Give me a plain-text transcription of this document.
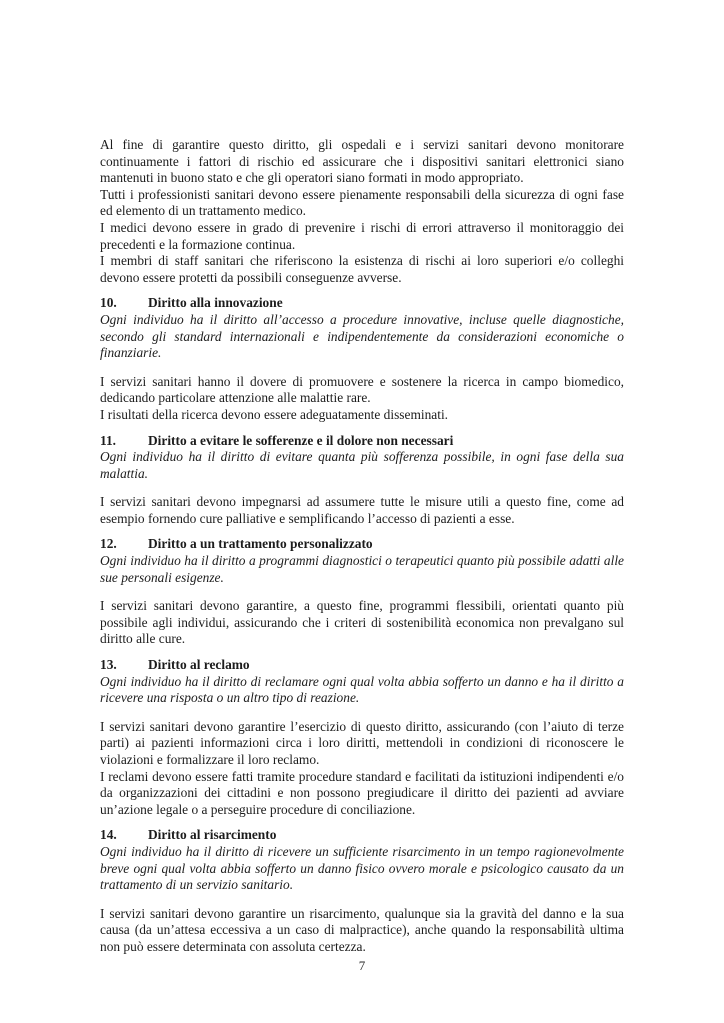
Al fine di garantire questo diritto, gli ospedali e i servizi sanitari devono monitorare continuamente i fattori di rischio ed assicurare che i dispositivi sanitari elettronici siano mantenuti in buono stato e che gli operatori siano formati in modo appropriato.

Tutti i professionisti sanitari devono essere pienamente responsabili della sicurezza di ogni fase ed elemento di un trattamento medico.

I medici devono essere in grado di prevenire i rischi di errori attraverso il monitoraggio dei precedenti e la formazione continua.

I membri di staff sanitari che riferiscono la esistenza di rischi ai loro superiori e/o colleghi devono essere protetti da possibili conseguenze avverse.

10. Diritto alla innovazione

Ogni individuo ha il diritto all’accesso a procedure innovative, incluse quelle diagnostiche, secondo gli standard internazionali e indipendentemente da considerazioni economiche o finanziarie.

I servizi sanitari hanno il dovere di promuovere e sostenere la ricerca in campo biomedico, dedicando particolare attenzione alle malattie rare.

I risultati della ricerca devono essere adeguatamente disseminati.

11. Diritto a evitare le sofferenze e il dolore non necessari

Ogni individuo ha il diritto di evitare quanta più sofferenza possibile, in ogni fase della sua malattia.

I servizi sanitari devono impegnarsi ad assumere tutte le misure utili a questo fine, come ad esempio fornendo cure palliative e semplificando l’accesso di pazienti a esse.

12. Diritto a un trattamento personalizzato

Ogni individuo ha il diritto a programmi diagnostici o terapeutici quanto più possibile adatti alle sue personali esigenze.

I servizi sanitari devono garantire, a questo fine, programmi flessibili, orientati quanto più possibile agli individui, assicurando che i criteri di sostenibilità economica non prevalgano sul diritto alle cure.

13. Diritto al reclamo

Ogni individuo ha il diritto di reclamare ogni qual volta abbia sofferto un danno e ha il diritto a ricevere una risposta o un altro tipo di reazione.

I servizi sanitari devono garantire l’esercizio di questo diritto, assicurando (con l’aiuto di terze parti) ai pazienti informazioni circa i loro diritti, mettendoli in condizioni di riconoscere le violazioni e formalizzare il loro reclamo.

I reclami devono essere fatti tramite procedure standard e facilitati da istituzioni indipendenti e/o da organizzazioni dei cittadini e non possono pregiudicare il diritto dei pazienti ad avviare un’azione legale o a perseguire procedure di conciliazione.

14. Diritto al risarcimento

Ogni individuo ha il diritto di ricevere un sufficiente risarcimento in un tempo ragionevolmente breve ogni qual volta abbia sofferto un danno fisico ovvero morale e psicologico causato da un trattamento di un servizio sanitario.

I servizi sanitari devono garantire un risarcimento, qualunque sia la gravità del danno e la sua causa (da un’attesa eccessiva a un caso di malpractice), anche quando la responsabilità ultima non può essere determinata con assoluta certezza.

7
